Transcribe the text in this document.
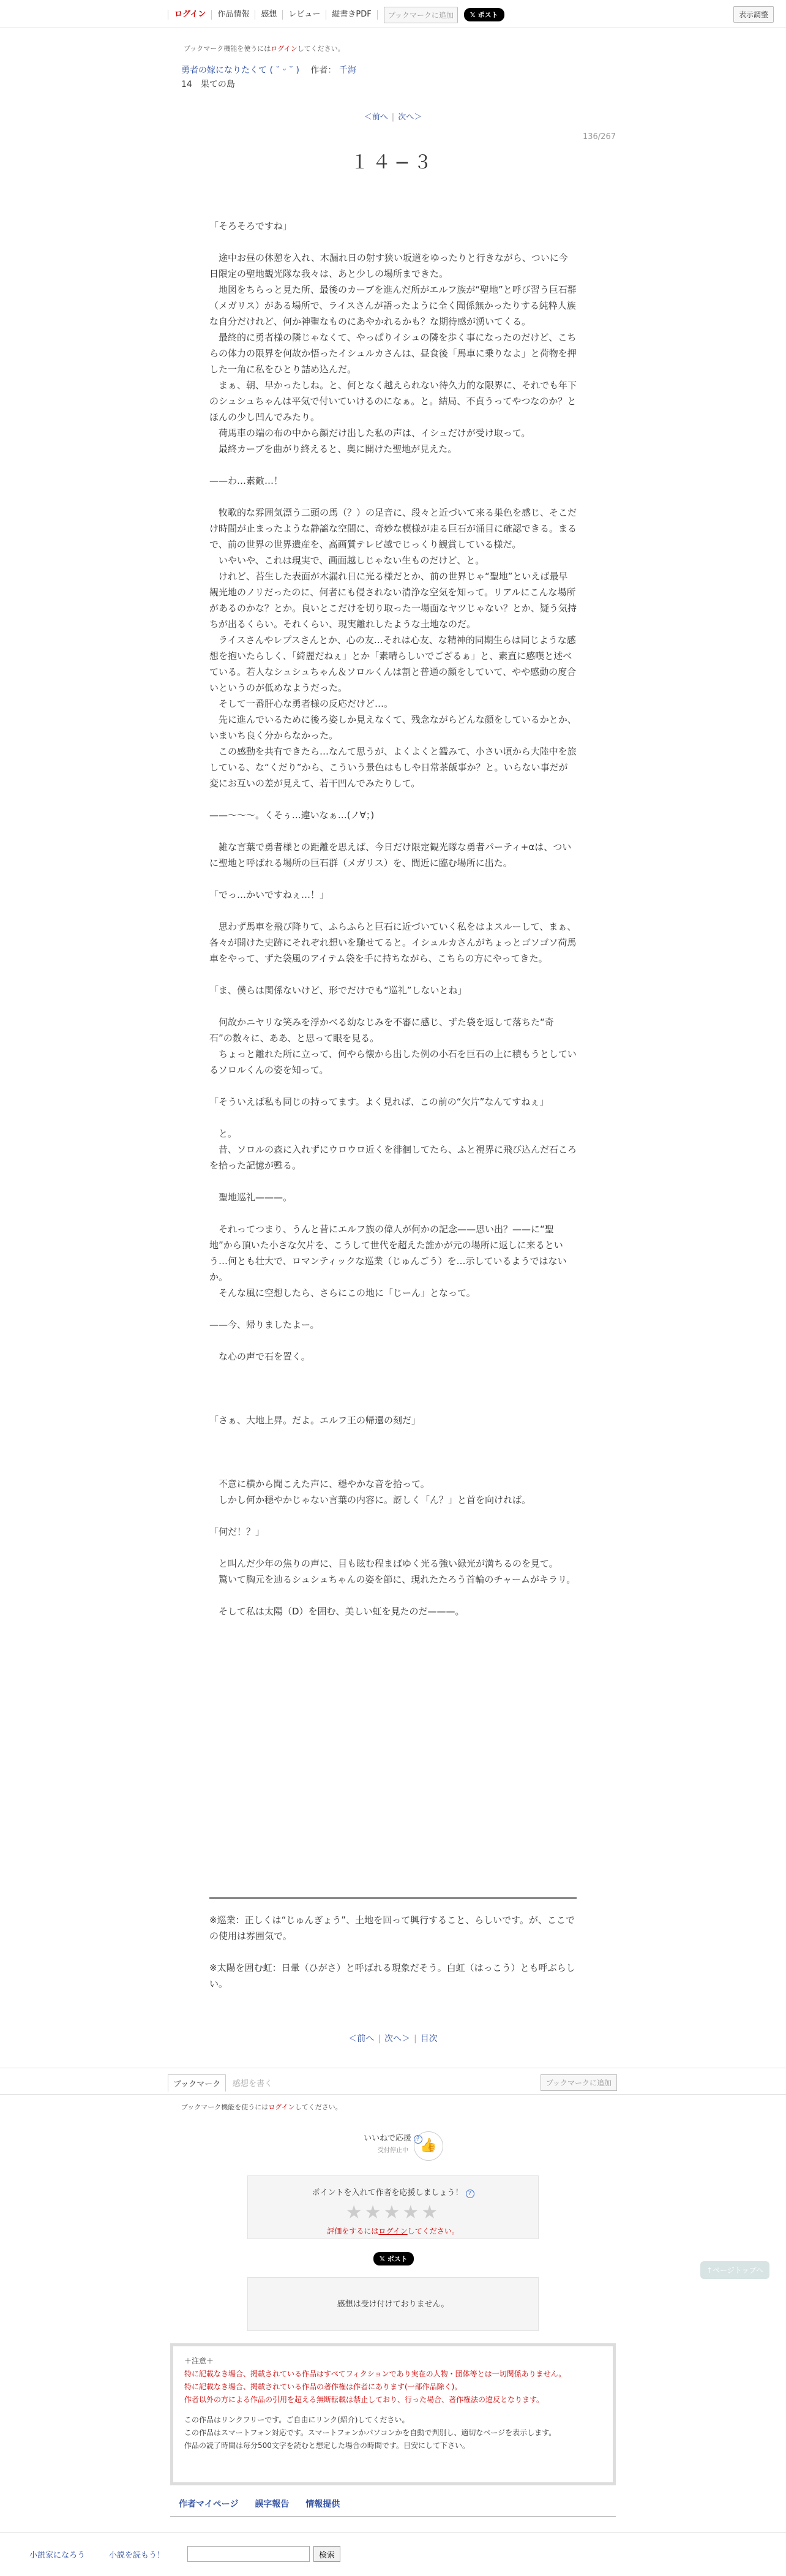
ログイン	作品情報	感想	レビュー	縦書きPDF	ブックマークに追加	𝕏 ポスト	表示調整
ブックマーク機能を使うにはログインしてください。
勇者の嫁になりたくて ( ˘ ᵕ ˘ ) 作者： 千海
14　果ての島
＜前へ | 次へ＞
136/267
１４−３

「そろそろですね」

　途中お昼の休憩を入れ、木漏れ日の射す狭い坂道をゆったりと行きながら、ついに今日限定の聖地観光隊な我々は、あと少しの場所まできた。

　地図をちらっと見た所、最後のカーブを進んだ所がエルフ族が“聖地”と呼び習う巨石群（メガリス）がある場所で、ライスさんが語ったように全く聞係無かったりする純粋人族な自分だけれど、何か神聖なものにあやかれるかも？な期待感が湧いてくる。

　最終的に勇者様の隣じゃなくて、やっぱりイシュの隣を歩く事になったのだけど、こちらの体力の限界を何故か悟ったイシュルカさんは、昼食後「馬車に乗りなよ」と荷物を押した一角に私をひとり詰め込んだ。

　まぁ、朝、早かったしね。と、何となく越えられない待久力的な限界に、それでも年下のシュシュちゃんは平気で付いていけるのになぁ。と。結局、不貞うってやつなのか？とほんの少し凹んでみたり。

　荷馬車の端の布の中から顔だけ出した私の声は、イシュだけが受け取って。

　最終カーブを曲がり終えると、奥に開けた聖地が見えた。

——わ…素敵…！

　牧歌的な雰囲気漂う二頭の馬（？）の足音に、段々と近づいて来る巣色を感じ、そこだけ時間が止まったような静謐な空間に、奇妙な模様が走る巨石が涌目に確認できる。まるで、前の世界の世界遺産を、高画質テレビ越でじっくり観賞している様だ。

　いやいや、これは現実で、画面越しじゃない生ものだけど、と。

　けれど、苔生した表面が木漏れ日に光る様だとか、前の世界じゃ“聖地”といえば最早観光地のノリだったのに、何者にも侵されない清浄な空気を知って。リアルにこんな場所があるのかな？とか。良いとこだけを切り取った一場面なヤツじゃない？とか、疑う気持ちが出るくらい。それくらい、現実離れしたような土地なのだ。

　ライスさんやレプスさんとか、心の友…それは心友、な精神的同期生らは同じような感想を抱いたらしく、「綺麗だねぇ」とか「素晴らしいでござるぁ」と、素直に感嘆と述べている。若人なシュシュちゃん＆ソロルくんは割と普通の顔をしていて、やや感動の度合いというのが低めなようだった。

　そして一番肝心な勇者様の反応だけど…。

　先に進んでいるために後ろ姿しか見えなくて、残念ながらどんな顔をしているかとか、いまいち良く分からなかった。

　この感動を共有できたら…なんて思うが、よくよくと鑑みて、小さい頃から大陸中を旅している、な“くだり”から、こういう景色はもしや日常茶飯事か？と。いらない事だが変にお互いの差が見えて、若干凹んでみたりして。

——〜〜〜。くそぅ…違いなぁ…(ノ∀；)

　雑な言葉で勇者様との距離を思えば、今日だけ限定観光隊な勇者パーティ+αは、ついに聖地と呼ばれる場所の巨石群（メガリス）を、間近に臨む場所に出た。

「でっ…かいですねぇ…！」

　思わず馬車を飛び降りて、ふらふらと巨石に近づいていく私をはよスルーして、まぁ、各々が開けた史跡にそれぞれ想いを馳せてると。イシュルカさんがちょっとゴソゴソ荷馬車をやって、ずた袋風のアイテム袋を手に持ちながら、こちらの方にやってきた。

「ま、僕らは関係ないけど、形でだけでも“巡礼”しないとね」

　何故かニヤリな笑みを浮かべる幼なじみを不審に感じ、ずた袋を返して落ちた“奇石”の数々に、ああ、と思って眼を見る。

　ちょっと離れた所に立って、何やら懐から出した例の小石を巨石の上に積もうとしているソロルくんの姿を知って。

「そういえば私も同じの持ってます。よく見れば、この前の“欠片”なんてすねぇ」

　と。

　昔、ソロルの森に入れずにウロウロ近くを徘徊してたら、ふと視界に飛び込んだ石ころを拾った記憶が甦る。

　聖地巡礼———。

　それってつまり、うんと昔にエルフ族の偉人が何かの記念——思い出？——に“聖地”から頂いた小さな欠片を、こうして世代を超えた誰かが元の場所に返しに来るという…何とも壮大で、ロマンティックな巡業（じゅんごう）を…示しているようではないか。

　そんな風に空想したら、さらにこの地に「じーん」となって。

——今、帰りましたよー。

　な心の声で石を置く。

「さぁ、大地上昇。だよ。エルフ王の帰還の刻だ」

　不意に横から聞こえた声に、穏やかな音を拾って。

　しかし何か穏やかじゃない言葉の内容に。訝しく「ん？」と首を向ければ。

「何だ！？」

　と叫んだ少年の焦りの声に、目も眩む程まばゆく光る強い緑光が満ちるのを見て。

　驚いて胸元を辿るシュシュちゃんの姿を節に、現れたたろう首輪のチャームがキラリ。

　そして私は太陽（D）を囲む、美しい虹を見たのだ———。

※巡業：正しくは“じゅんぎょう”、土地を回って興行すること、らしいです。が、ここでの使用は雰囲気で。

※太陽を囲む虹：日暈（ひがさ）と呼ばれる現象だそう。白虹（はっこう）とも呼ぶらしい。

＜前へ | 次へ＞ | 目次
ブックマーク	感想を書く	ブックマークに追加
ブックマーク機能を使うにはログインしてください。
いいねで応援 ?
受付停止中 👍
ポイントを入れて作者を応援しましょう！ ?
★★★★★
評価をするにはログインしてください。
𝕏 ポスト
↑ページトップへ
感想は受け付けておりません。
＋注意＋
特に記載なき場合、掲載されている作品はすべてフィクションであり実在の人物・団体等とは一切関係ありません。
特に記載なき場合、掲載されている作品の著作権は作者にあります(一部作品除く)。
作者以外の方による作品の引用を超える無断転載は禁止しており、行った場合、著作権法の違反となります。
この作品はリンクフリーです。ご自由にリンク(紹介)してください。
この作品はスマートフォン対応です。スマートフォンかパソコンかを自動で判別し、適切なページを表示します。
作品の読了時間は毎分500文字を読むと想定した場合の時間です。目安にして下さい。
作者マイページ 誤字報告 情報提供
小説家になろう	小説を読もう！	検索
